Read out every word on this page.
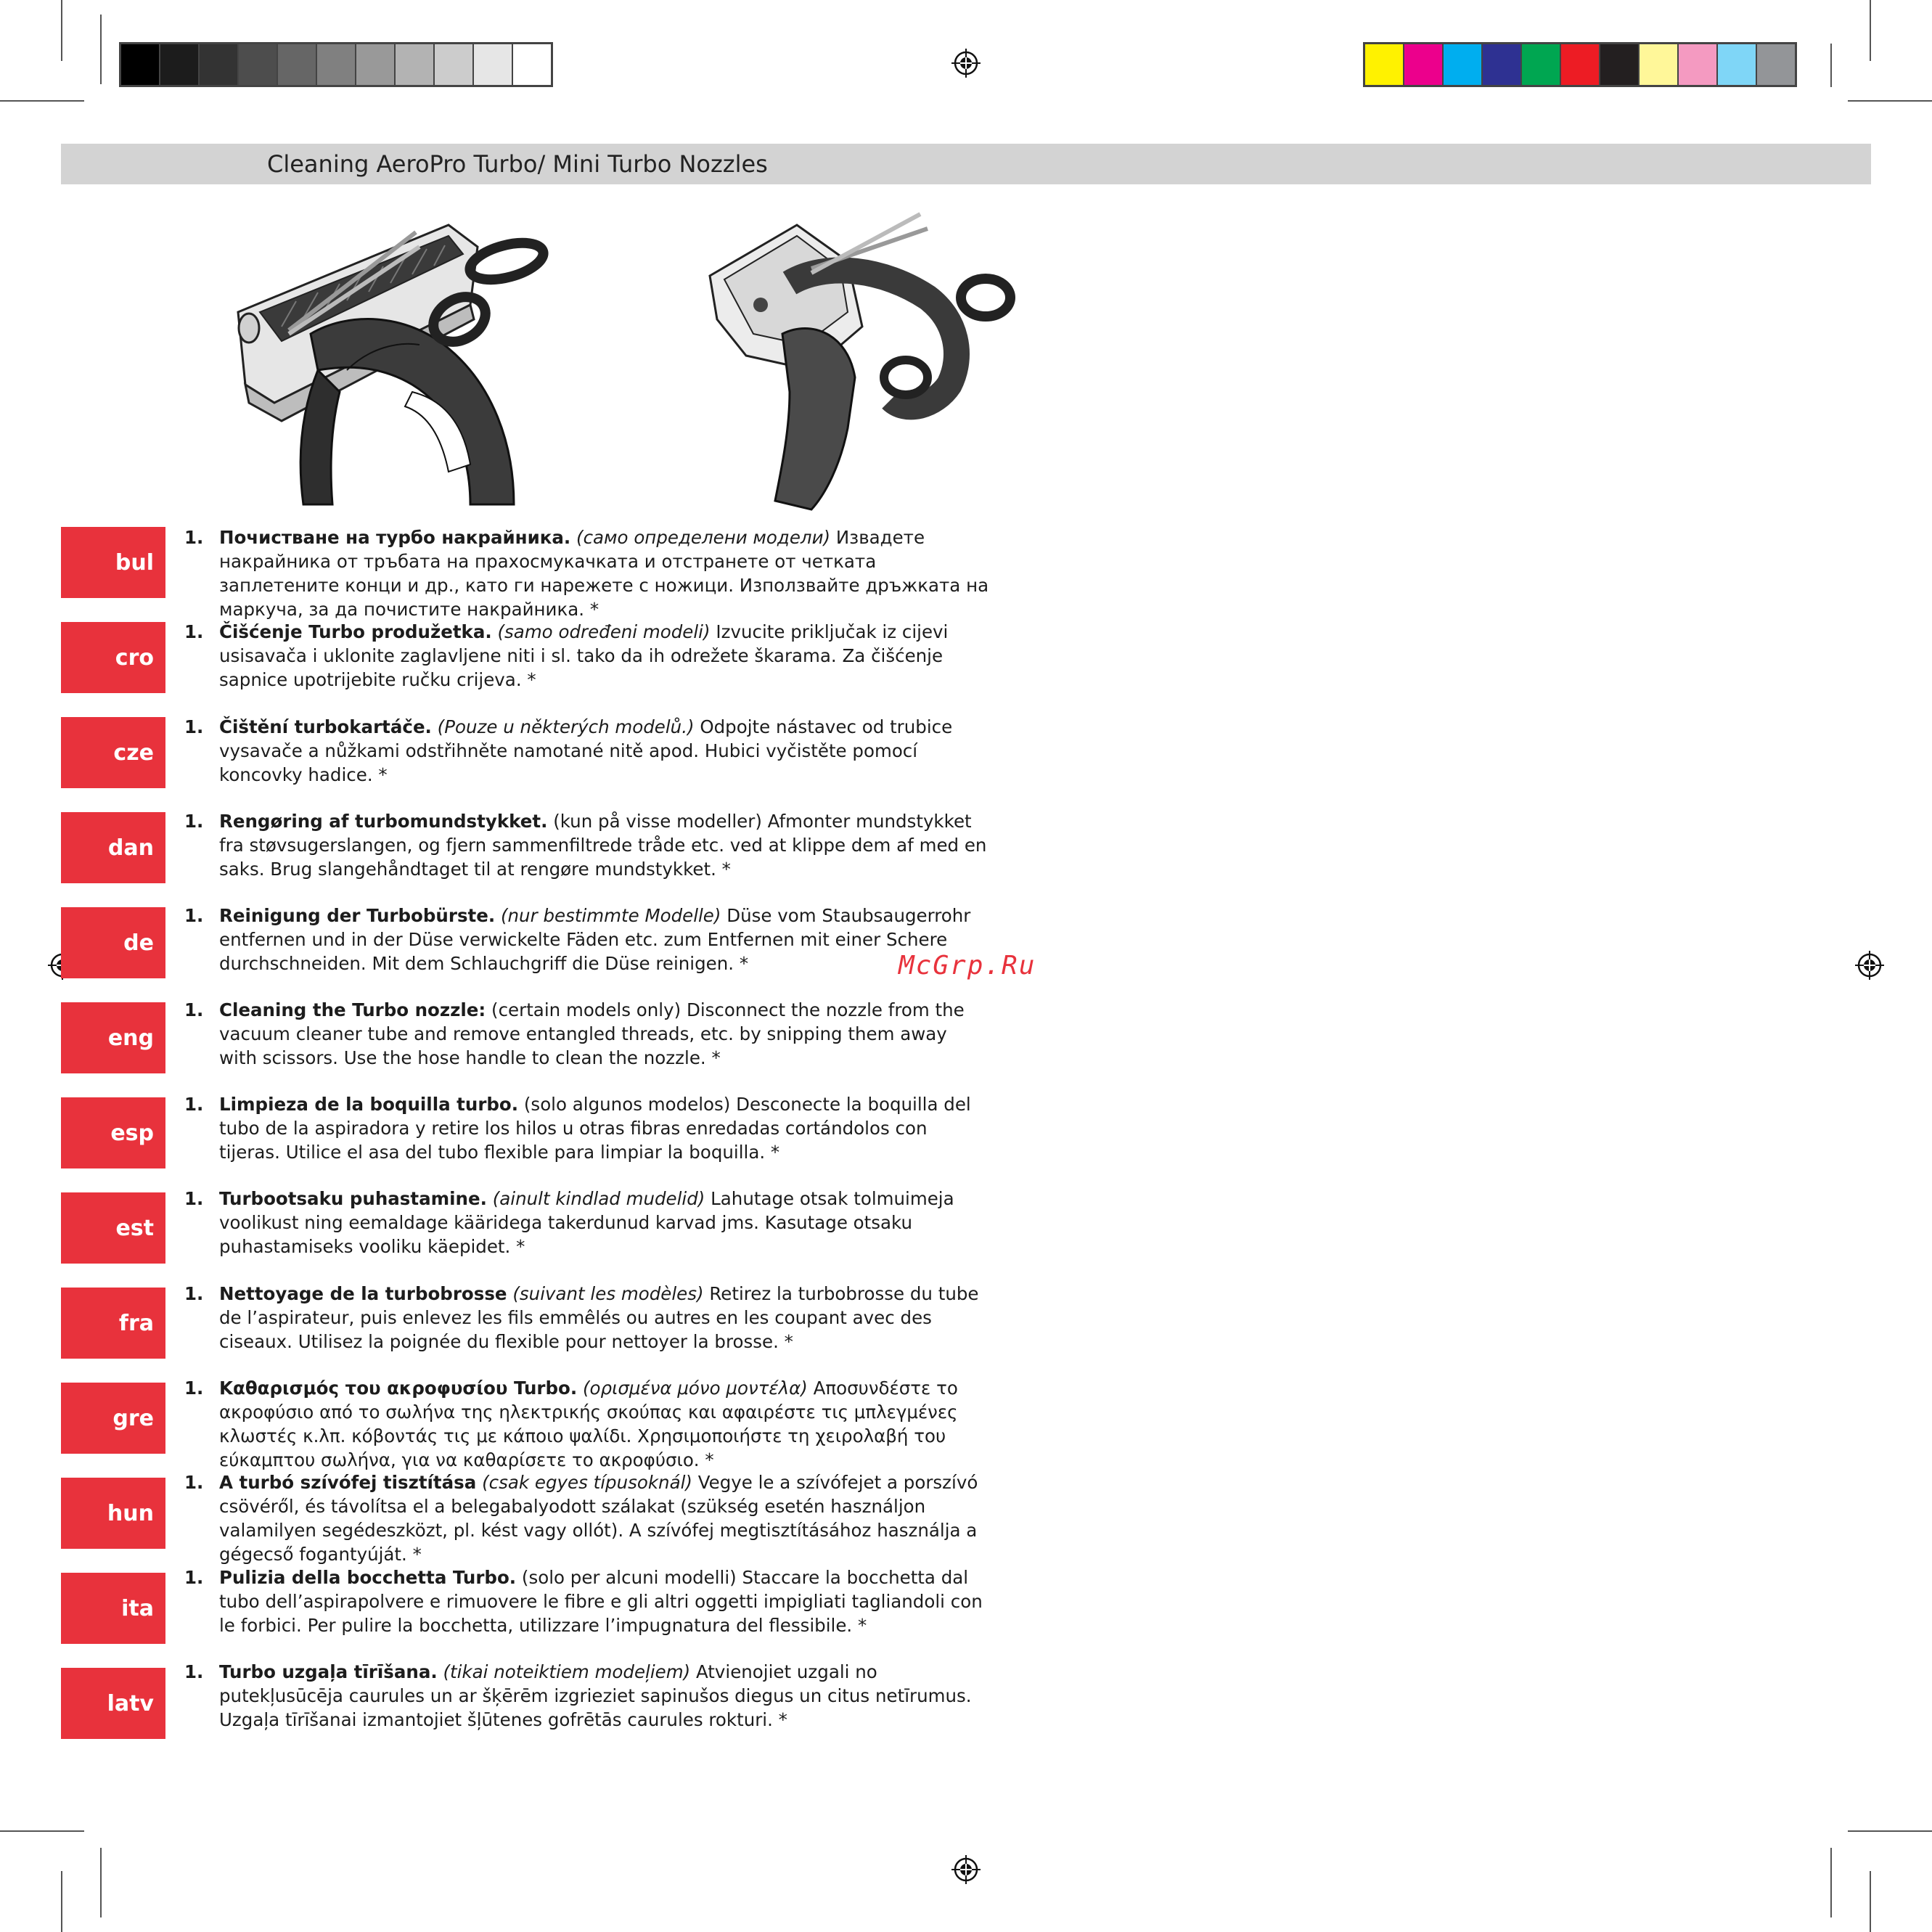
Cleaning AeroPro Turbo/ Mini Turbo Nozzles
McGrp.Ru
bul
1. Почистване на турбо накрайника. (само определени модели) Извадете накрайника от тръбата на прахосмукачката и отстранете от четката заплетените конци и др., като ги нарежете с ножици. Използвайте дръжката на маркуча, за да почистите накрайника. *
cro
1. Čišćenje Turbo produžetka. (samo određeni modeli) Izvucite priključak iz cijevi usisavača i uklonite zaglavljene niti i sl. tako da ih odrežete škarama. Za čišćenje sapnice upotrijebite ručku crijeva. *
cze
1. Čištění turbokartáče. (Pouze u některých modelů.) Odpojte nástavec od trubice vysavače a nůžkami odstřihněte namotané nitě apod. Hubici vyčistěte pomocí koncovky hadice. *
dan
1. Rengøring af turbomundstykket. (kun på visse modeller) Afmonter mundstykket fra støvsugerslangen, og fjern sammenfiltrede tråde etc. ved at klippe dem af med en saks. Brug slangehåndtaget til at rengøre mundstykket. *
de
1. Reinigung der Turbobürste. (nur bestimmte Modelle) Düse vom Staubsaugerrohr entfernen und in der Düse verwickelte Fäden etc. zum Entfernen mit einer Schere durchschneiden. Mit dem Schlauchgriff die Düse reinigen. *
eng
1. Cleaning the Turbo nozzle: (certain models only) Disconnect the nozzle from the vacuum cleaner tube and remove entangled threads, etc. by snipping them away with scissors. Use the hose handle to clean the nozzle. *
esp
1. Limpieza de la boquilla turbo. (solo algunos modelos) Desconecte la boquilla del tubo de la aspiradora y retire los hilos u otras fibras enredadas cortándolos con tijeras. Utilice el asa del tubo flexible para limpiar la boquilla. *
est
1. Turbootsaku puhastamine. (ainult kindlad mudelid) Lahutage otsak tolmuimeja voolikust ning eemaldage kääridega takerdunud karvad jms. Kasutage otsaku puhastamiseks vooliku käepidet. *
fra
1. Nettoyage de la turbobrosse (suivant les modèles) Retirez la turbobrosse du tube de l’aspirateur, puis enlevez les fils emmêlés ou autres en les coupant avec des ciseaux. Utilisez la poignée du flexible pour nettoyer la brosse. *
gre
1. Καθαρισμός του ακροφυσίου Turbo. (ορισμένα μόνο μοντέλα) Αποσυνδέστε το ακροφύσιο από το σωλήνα της ηλεκτρικής σκούπας και αφαιρέστε τις μπλεγμένες κλωστές κ.λπ. κόβοντάς τις με κάποιο ψαλίδι. Χρησιμοποιήστε τη χειρολαβή του εύκαμπτου σωλήνα, για να καθαρίσετε το ακροφύσιο. *
hun
1. A turbó szívófej tisztítása (csak egyes típusoknál) Vegye le a szívófejet a porszívó csövéről, és távolítsa el a belegabalyodott szálakat (szükség esetén használjon valamilyen segédeszközt, pl. kést vagy ollót). A szívófej megtisztításához használja a gégecső fogantyúját. *
ita
1. Pulizia della bocchetta Turbo. (solo per alcuni modelli) Staccare la bocchetta dal tubo dell’aspirapolvere e rimuovere le fibre e gli altri oggetti impigliati tagliandoli con le forbici. Per pulire la bocchetta, utilizzare l’impugnatura del flessibile. *
latv
1. Turbo uzgaļa tīrīšana. (tikai noteiktiem modeļiem) Atvienojiet uzgali no putekļusūcēja caurules un ar šķērēm izgrieziet sapinušos diegus un citus netīrumus. Uzgaļa tīrīšanai izmantojiet šļūtenes gofrētās caurules rokturi. *
